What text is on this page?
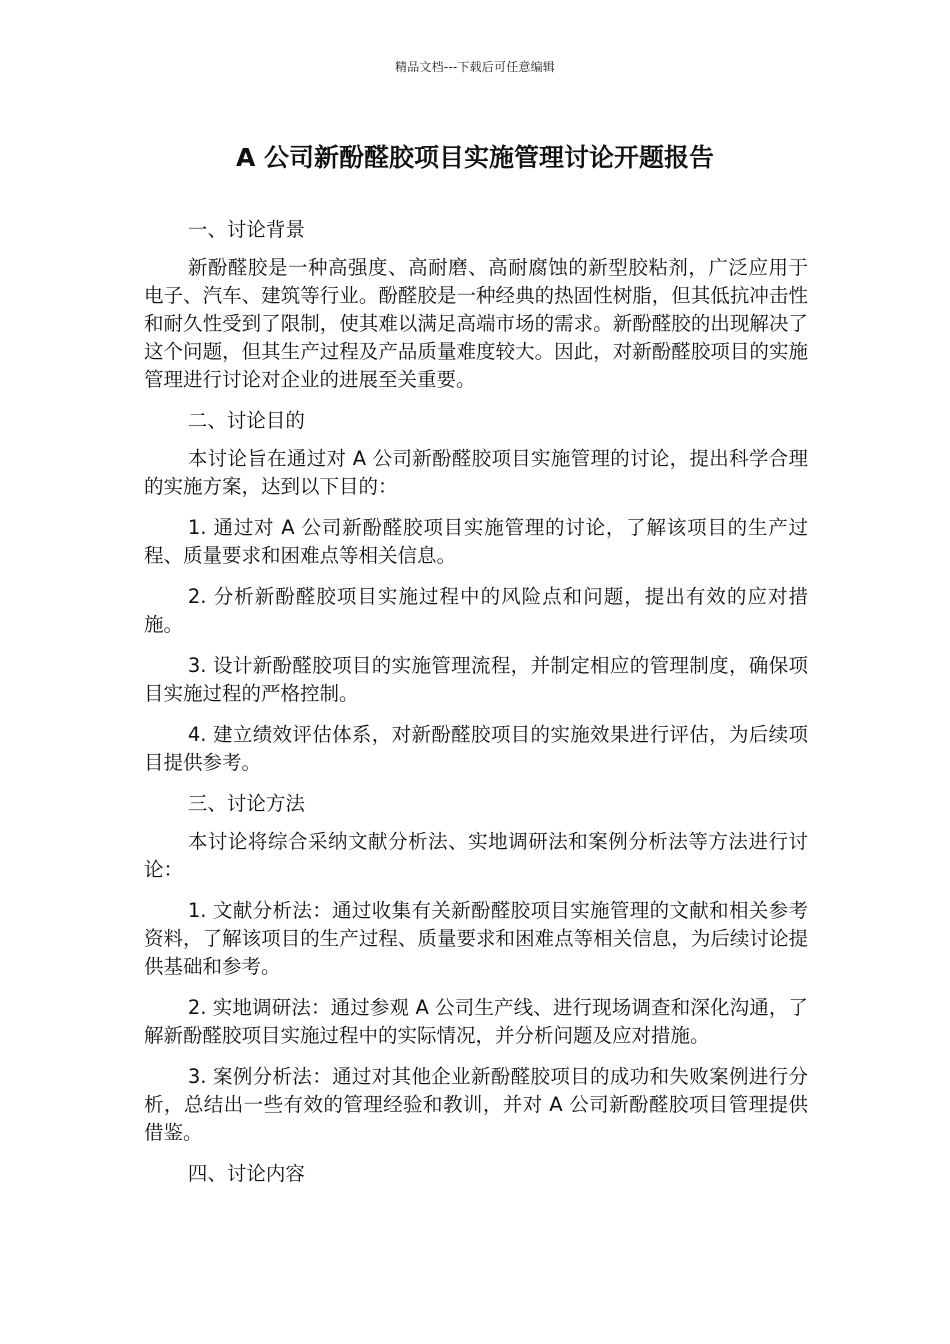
精品文档---下载后可任意编辑
A 公司新酚醛胶项目实施管理讨论开题报告

一、讨论背景

新酚醛胶是一种高强度、高耐磨、高耐腐蚀的新型胶粘剂，广泛应用于电子、汽车、建筑等行业。酚醛胶是一种经典的热固性树脂，但其低抗冲击性和耐久性受到了限制，使其难以满足高端市场的需求。新酚醛胶的出现解决了这个问题，但其生产过程及产品质量难度较大。因此，对新酚醛胶项目的实施管理进行讨论对企业的进展至关重要。

二、讨论目的

本讨论旨在通过对 A 公司新酚醛胶项目实施管理的讨论，提出科学合理的实施方案，达到以下目的：

1. 通过对 A 公司新酚醛胶项目实施管理的讨论，了解该项目的生产过程、质量要求和困难点等相关信息。

2. 分析新酚醛胶项目实施过程中的风险点和问题，提出有效的应对措施。

3. 设计新酚醛胶项目的实施管理流程，并制定相应的管理制度，确保项目实施过程的严格控制。

4. 建立绩效评估体系，对新酚醛胶项目的实施效果进行评估，为后续项目提供参考。

三、讨论方法

本讨论将综合采纳文献分析法、实地调研法和案例分析法等方法进行讨论：

1. 文献分析法：通过收集有关新酚醛胶项目实施管理的文献和相关参考资料，了解该项目的生产过程、质量要求和困难点等相关信息，为后续讨论提供基础和参考。

2. 实地调研法：通过参观 A 公司生产线、进行现场调查和深化沟通，了解新酚醛胶项目实施过程中的实际情况，并分析问题及应对措施。

3. 案例分析法：通过对其他企业新酚醛胶项目的成功和失败案例进行分析，总结出一些有效的管理经验和教训，并对 A 公司新酚醛胶项目管理提供借鉴。

四、讨论内容
